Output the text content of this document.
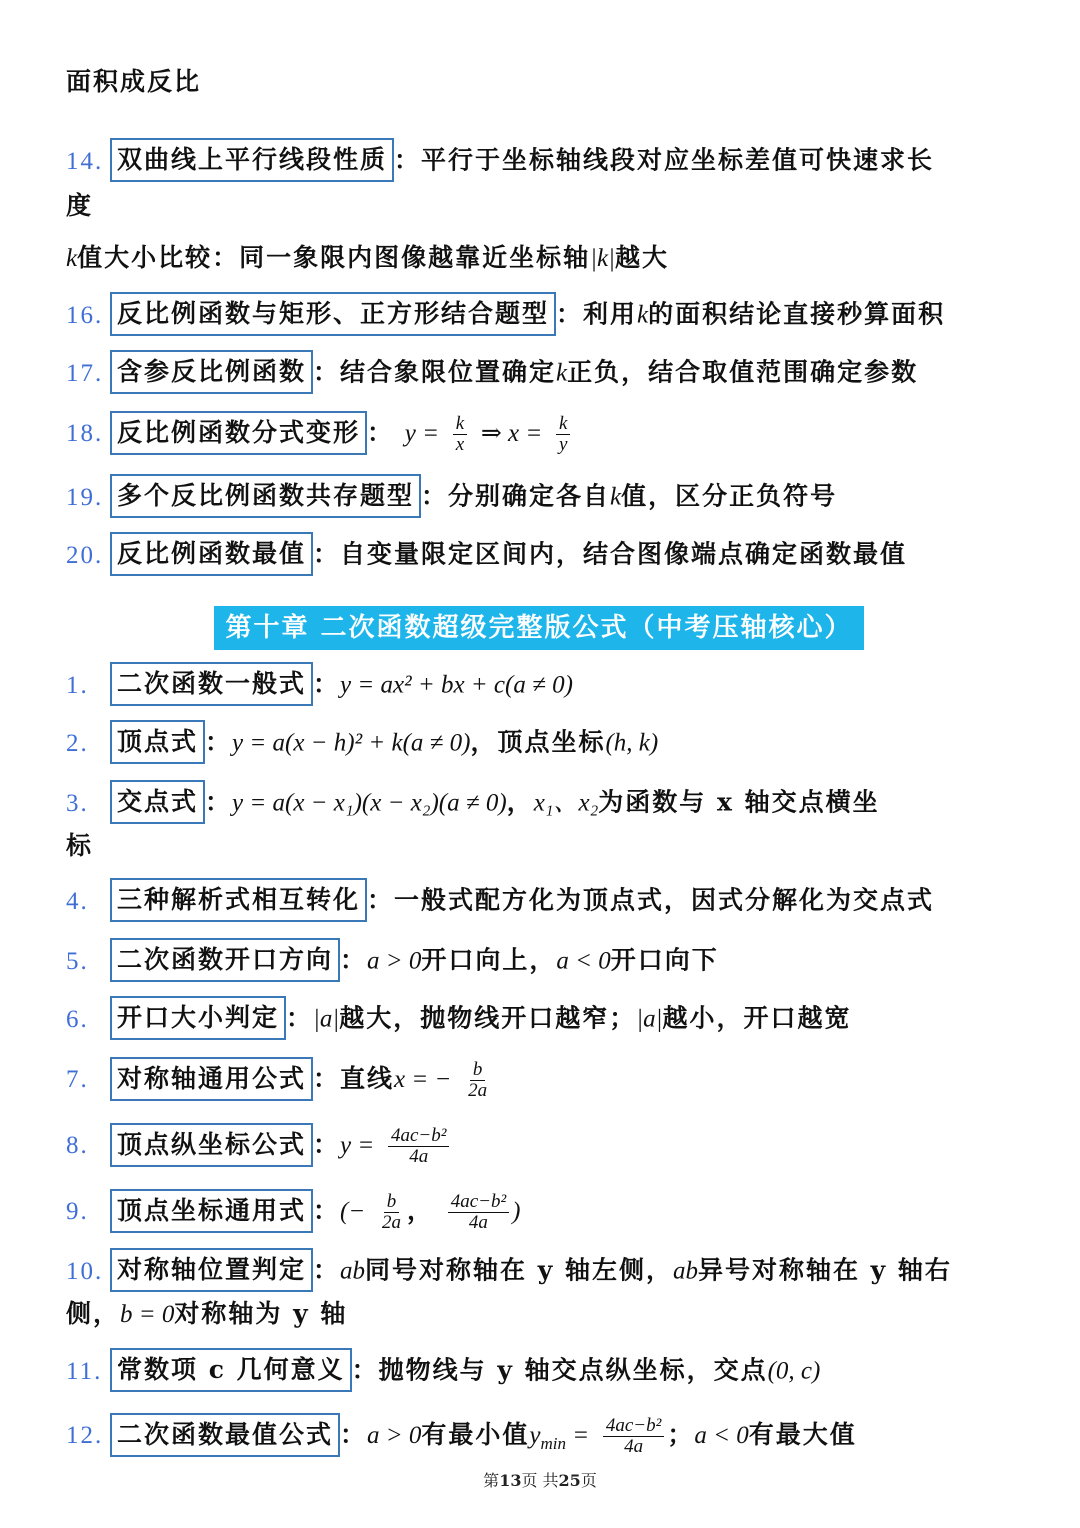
面积成反比
14. 双曲线上平行线段性质 ：平行于坐标轴线段对应坐标差值可快速求长
度
k值大小比较：同一象限内图像越靠近坐标轴|k|越大
16. 反比例函数与矩形、正方形结合题型 ：利用k的面积结论直接秒算面积
17. 含参反比例函数 ：结合象限位置确定k正负，结合取值范围确定参数
18. 反比例函数分式变形 ： $y = \frac{k}{x}$ ⇒ $x = \frac{k}{y}$
19. 多个反比例函数共存题型 ：分别确定各自k值，区分正负符号
20. 反比例函数最值 ：自变量限定区间内，结合图像端点确定函数最值
第十章 二次函数超级完整版公式（中考压轴核心）
1. 二次函数一般式 ：y = ax² + bx + c(a ≠ 0)
2. 顶点式 ：y = a(x − h)² + k(a ≠ 0)，顶点坐标(h, k)
3. 交点式 ：y = a(x − x₁)(x − x₂)(a ≠ 0)，x₁、x₂为函数与 x 轴交点横坐
标
4. 三种解析式相互转化 ：一般式配方化为顶点式，因式分解化为交点式
5. 二次函数开口方向 ：a > 0开口向上，a < 0开口向下
6. 开口大小判定 ：|a|越大，抛物线开口越窄；|a|越小，开口越宽
7. 对称轴通用公式 ：直线x = − $\frac{b}{2a}$
8. 顶点纵坐标公式 ：$y = \frac{\text{4ac−b²}}{4a}$
9. 顶点坐标通用式 ：(− $\frac{b}{2a}$ ， $\frac{\text{4ac−b²}}{4a}$ )
10. 对称轴位置判定 ：ab同号对称轴在 y 轴左侧，ab异号对称轴在 y 轴右
侧，b = 0对称轴为 y 轴
11. 常数项 c 几何意义 ：抛物线与 y 轴交点纵坐标，交点(0, c)
12. 二次函数最值公式 ：a > 0有最小值$y_{min} = \frac{\text{4ac−b²}}{4a}$ ；a < 0有最大值
第13页 共25页
